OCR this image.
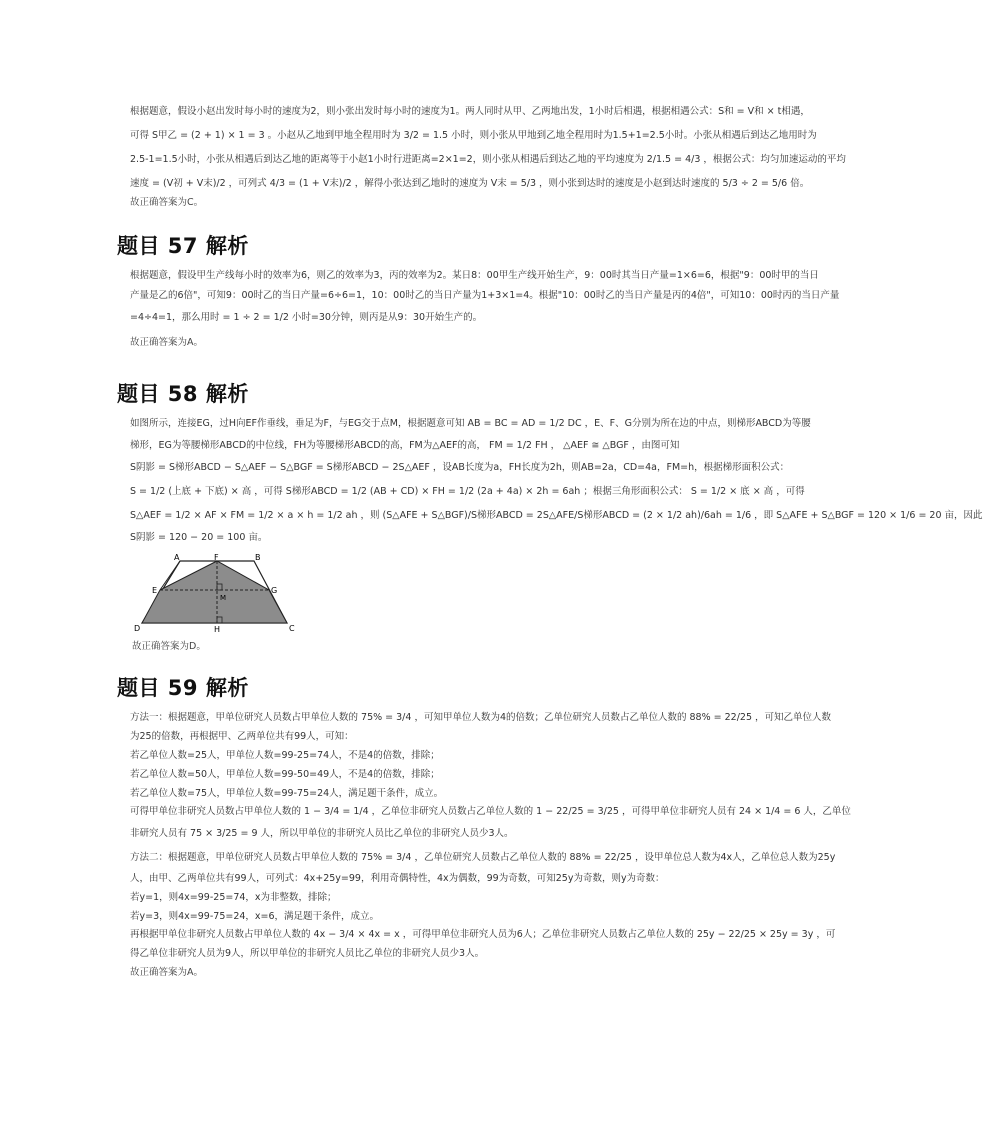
根据题意，假设小赵出发时每小时的速度为2，则小张出发时每小时的速度为1。两人同时从甲、乙两地出发，1小时后相遇，根据相遇公式：S和 = V和 × t相遇，
可得 S甲乙 = (2 + 1) × 1 = 3 。小赵从乙地到甲地全程用时为 3/2 = 1.5 小时，则小张从甲地到乙地全程用时为1.5+1=2.5小时。小张从相遇后到达乙地用时为
2.5-1=1.5小时，小张从相遇后到达乙地的距离等于小赵1小时行进距离=2×1=2，则小张从相遇后到达乙地的平均速度为 2/1.5 = 4/3 ，根据公式：均匀加速运动的平均
速度 = (V初 + V末)/2 ，可列式 4/3 = (1 + V末)/2 ，解得小张达到乙地时的速度为 V末 = 5/3 ，则小张到达时的速度是小赵到达时速度的 5/3 ÷ 2 = 5/6 倍。
故正确答案为C。
题目 57 解析
根据题意，假设甲生产线每小时的效率为6，则乙的效率为3，丙的效率为2。某日8：00甲生产线开始生产，9：00时其当日产量=1×6=6，根据"9：00时甲的当日
产量是乙的6倍"，可知9：00时乙的当日产量=6÷6=1，10：00时乙的当日产量为1+3×1=4。根据"10：00时乙的当日产量是丙的4倍"，可知10：00时丙的当日产量
=4÷4=1，那么用时 = 1 ÷ 2 = 1/2 小时=30分钟，则丙是从9：30开始生产的。
故正确答案为A。
题目 58 解析
如图所示，连接EG，过H向EF作垂线，垂足为F，与EG交于点M，根据题意可知 AB = BC = AD = 1/2 DC ，E、F、G分别为所在边的中点，则梯形ABCD为等腰
梯形，EG为等腰梯形ABCD的中位线，FH为等腰梯形ABCD的高，FM为△AEF的高， FM = 1/2 FH ， △AEF ≅ △BGF ，由图可知
S阴影 = S梯形ABCD − S△AEF − S△BGF = S梯形ABCD − 2S△AEF ，设AB长度为a，FH长度为2h，则AB=2a，CD=4a，FM=h，根据梯形面积公式：
S = 1/2 (上底 + 下底) × 高 ，可得 S梯形ABCD = 1/2 (AB + CD) × FH = 1/2 (2a + 4a) × 2h = 6ah ；根据三角形面积公式： S = 1/2 × 底 × 高 ，可得
S△AEF = 1/2 × AF × FM = 1/2 × a × h = 1/2 ah ，则 (S△AFE + S△BGF)/S梯形ABCD = 2S△AFE/S梯形ABCD = (2 × 1/2 ah)/6ah = 1/6 ，即 S△AFE + S△BGF = 120 × 1/6 = 20 亩，因此
S阴影 = 120 − 20 = 100 亩。
A	F	B
E	G
M
D	H	C
故正确答案为D。
题目 59 解析
方法一：根据题意，甲单位研究人员数占甲单位人数的 75% = 3/4 ，可知甲单位人数为4的倍数；乙单位研究人员数占乙单位人数的 88% = 22/25 ，可知乙单位人数
为25的倍数，再根据甲、乙两单位共有99人，可知：
若乙单位人数=25人，甲单位人数=99-25=74人，不是4的倍数，排除；
若乙单位人数=50人，甲单位人数=99-50=49人，不是4的倍数，排除；
若乙单位人数=75人，甲单位人数=99-75=24人，满足题干条件，成立。
可得甲单位非研究人员数占甲单位人数的 1 − 3/4 = 1/4 ，乙单位非研究人员数占乙单位人数的 1 − 22/25 = 3/25 ，可得甲单位非研究人员有 24 × 1/4 = 6 人，乙单位
非研究人员有 75 × 3/25 = 9 人，所以甲单位的非研究人员比乙单位的非研究人员少3人。
方法二：根据题意，甲单位研究人员数占甲单位人数的 75% = 3/4 ，乙单位研究人员数占乙单位人数的 88% = 22/25 ，设甲单位总人数为4x人，乙单位总人数为25y
人，由甲、乙两单位共有99人，可列式：4x+25y=99，利用奇偶特性，4x为偶数，99为奇数，可知25y为奇数，则y为奇数：
若y=1，则4x=99-25=74，x为非整数，排除；
若y=3，则4x=99-75=24，x=6，满足题干条件，成立。
再根据甲单位非研究人员数占甲单位人数的 4x − 3/4 × 4x = x ，可得甲单位非研究人员为6人；乙单位非研究人员数占乙单位人数的 25y − 22/25 × 25y = 3y ，可
得乙单位非研究人员为9人，所以甲单位的非研究人员比乙单位的非研究人员少3人。
故正确答案为A。
